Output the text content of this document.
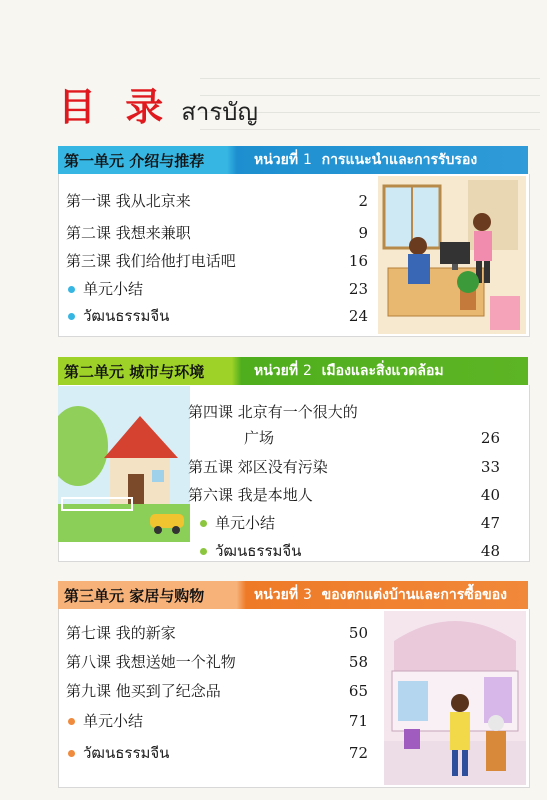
目 录 สารบัญ
第一单元 介绍与推荐	หน่วยที่ 1 การแนะนำและการรับรอง
第一课 我从北京来	2
第二课 我想来兼职	9
第三课 我们给他打电话吧	16
单元小结	23
วัฒนธรรมจีน	24
第二单元 城市与环境	หน่วยที่ 2 เมืองและสิ่งแวดล้อม
第四课 北京有一个很大的
广场	26
第五课 郊区没有污染	33
第六课 我是本地人	40
单元小结	47
วัฒนธรรมจีน	48
第三单元 家居与购物	หน่วยที่ 3 ของตกแต่งบ้านและการซื้อของ
第七课 我的新家	50
第八课 我想送她一个礼物	58
第九课 他买到了纪念品	65
单元小结	71
วัฒนธรรมจีน	72
